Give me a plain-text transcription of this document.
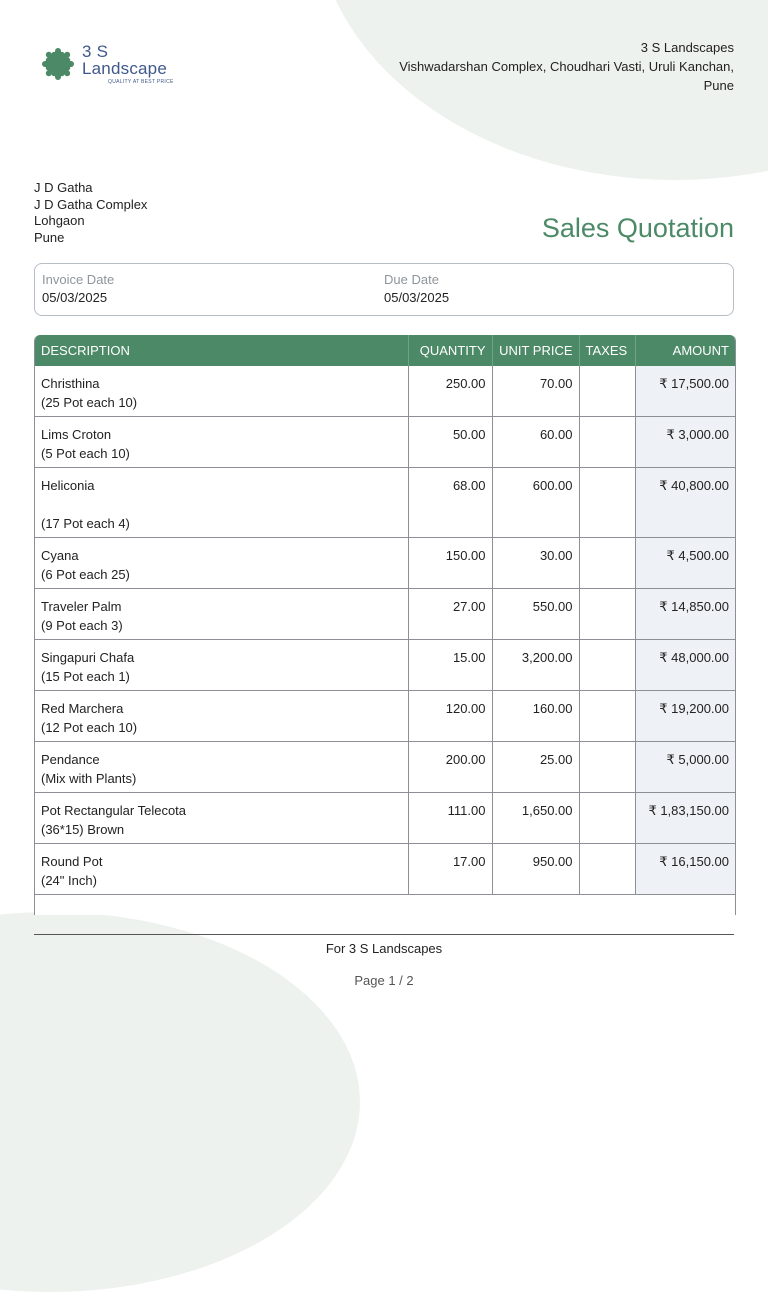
3 S Landscape
QUALITY AT BEST PRICE
3 S Landscapes
Vishwadarshan Complex, Choudhari Vasti, Uruli Kanchan,
Pune
J D Gatha
J D Gatha Complex
Lohgaon
Pune	Sales Quotation
Invoice Date
05/03/2025
Due Date
05/03/2025
DESCRIPTION	QUANTITY	UNIT PRICE	TAXES	AMOUNT

Christhina
(25 Pot each 10)	250.00	70.00		₹ 17,500.00

Lims Croton
(5 Pot each 10)	50.00	60.00		₹ 3,000.00

Heliconia
(17 Pot each 4)	68.00	600.00		₹ 40,800.00

Cyana
(6 Pot each 25)	150.00	30.00		₹ 4,500.00

Traveler Palm
(9 Pot each 3)	27.00	550.00		₹ 14,850.00

Singapuri Chafa
(15 Pot each 1)	15.00	3,200.00		₹ 48,000.00

Red Marchera
(12 Pot each 10)	120.00	160.00		₹ 19,200.00

Pendance
(Mix with Plants)	200.00	25.00		₹ 5,000.00

Pot Rectangular Telecota
(36*15) Brown	111.00	1,650.00		₹ 1,83,150.00

Round Pot
(24" Inch)	17.00	950.00		₹ 16,150.00

For 3 S Landscapes
Page 1 / 2
